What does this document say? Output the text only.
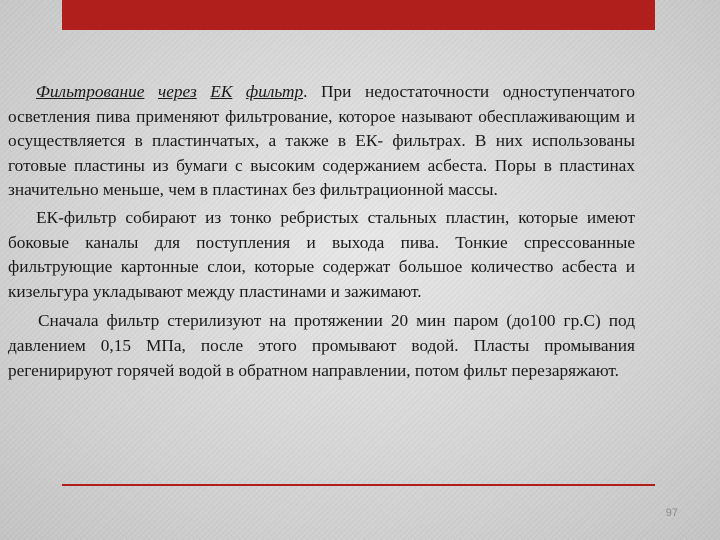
Фильтрование через ЕК фильтр. При недостаточности одноступенчатого осветления пива применяют фильтрование, которое называют обесплаживающим и осуществляется в пластинчатых, а также в ЕК- фильтрах. В них использованы готовые пластины из бумаги с высоким содержанием асбеста. Поры в пластинах значительно меньше, чем в пластинах без фильтрационной массы.

ЕК-фильтр собирают из тонко ребристых стальных пластин, которые имеют боковые каналы для поступления и выхода пива. Тонкие спрессованные фильтрующие картонные слои, которые содержат большое количество асбеста и кизельгура укладывают между пластинами и зажимают.

Сначала фильтр стерилизуют на протяжении 20 мин паром (до100 гр.С) под давлением 0,15 МПа, после этого промывают водой. Пласты промывания регенирируют горячей водой в обратном направлении, потом фильт перезаряжают.

97
